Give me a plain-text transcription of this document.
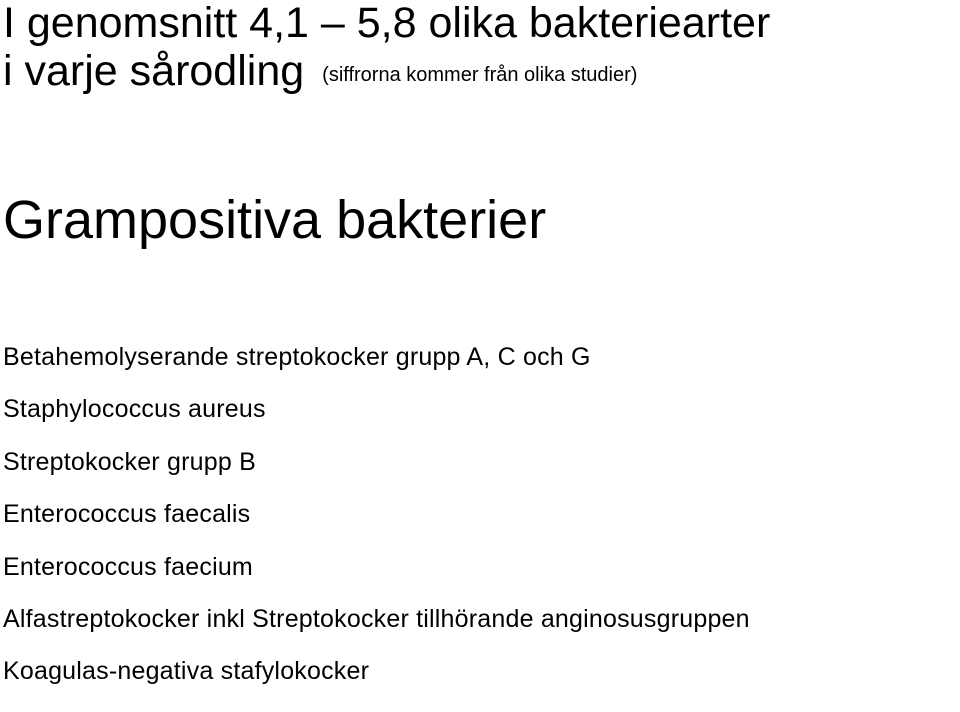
I genomsnitt 4,1 – 5,8 olika bakteriearter
i varje sårodling (siffrorna kommer från olika studier)
Grampositiva bakterier
Betahemolyserande streptokocker grupp A, C och G
Staphylococcus aureus
Streptokocker grupp B
Enterococcus faecalis
Enterococcus faecium
Alfastreptokocker inkl Streptokocker tillhörande anginosusgruppen
Koagulas-negativa stafylokocker
